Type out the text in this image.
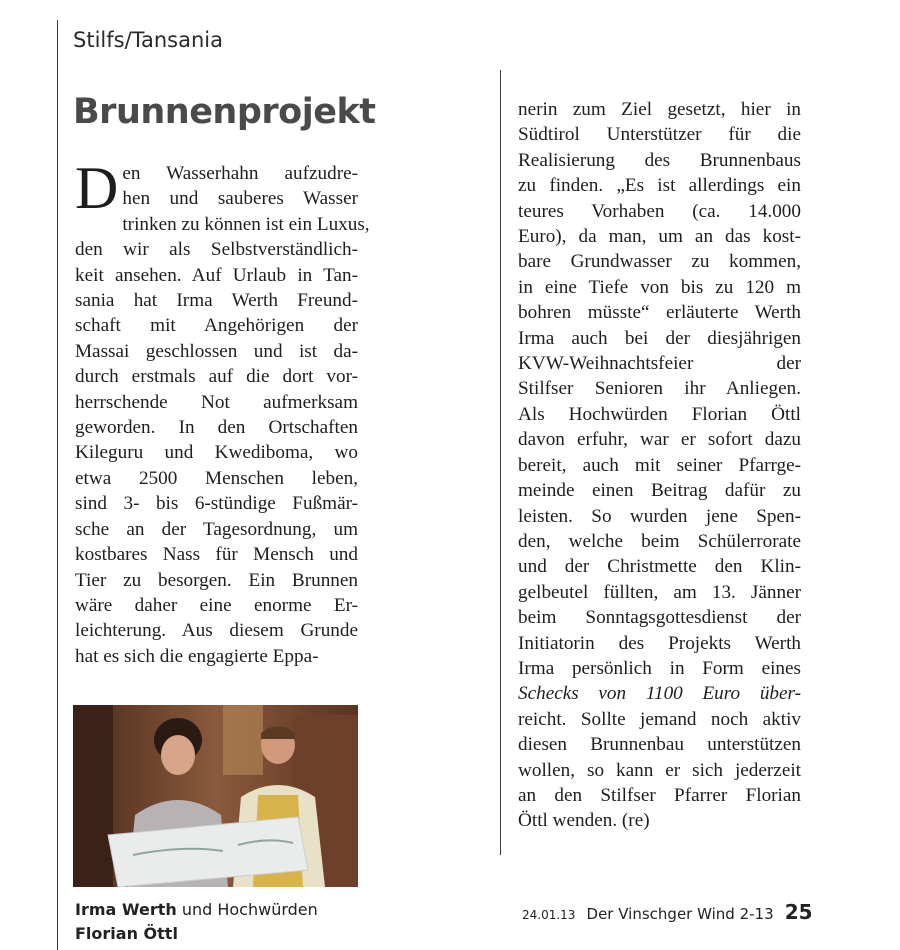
Stilfs/Tansania
Brunnenprojekt
D en Wasserhahn aufzudre-
hen und sauberes Wasser
trinken zu können ist ein Luxus,
den wir als Selbstverständlich-
keit ansehen. Auf Urlaub in Tan-
sania hat Irma Werth Freund-
schaft mit Angehörigen der
Massai geschlossen und ist da-
durch erstmals auf die dort vor-
herrschende Not aufmerksam
geworden. In den Ortschaften
Kileguru und Kwediboma, wo
etwa 2500 Menschen leben,
sind 3- bis 6-stündige Fußmär-
sche an der Tagesordnung, um
kostbares Nass für Mensch und
Tier zu besorgen. Ein Brunnen
wäre daher eine enorme Er-
leichterung. Aus diesem Grunde
hat es sich die engagierte Eppa-
nerin zum Ziel gesetzt, hier in
Südtirol Unterstützer für die
Realisierung des Brunnenbaus
zu finden. „Es ist allerdings ein
teures Vorhaben (ca. 14.000
Euro), da man, um an das kost-
bare Grundwasser zu kommen,
in eine Tiefe von bis zu 120 m
bohren müsste“ erläuterte Werth
Irma auch bei der diesjährigen
KVW-Weihnachtsfeier der
Stilfser Senioren ihr Anliegen.
Als Hochwürden Florian Öttl
davon erfuhr, war er sofort dazu
bereit, auch mit seiner Pfarrge-
meinde einen Beitrag dafür zu
leisten. So wurden jene Spen-
den, welche beim Schülerrorate
und der Christmette den Klin-
gelbeutel füllten, am 13. Jänner
beim Sonntagsgottesdienst der
Initiatorin des Projekts Werth
Irma persönlich in Form eines
Schecks von 1100 Euro über-
reicht. Sollte jemand noch aktiv
diesen Brunnenbau unterstützen
wollen, so kann er sich jederzeit
an den Stilfser Pfarrer Florian
Öttl wenden. (re)
Irma Werth und Hochwürden
Florian Öttl
24.01.13 Der Vinschger Wind 2-13 25
